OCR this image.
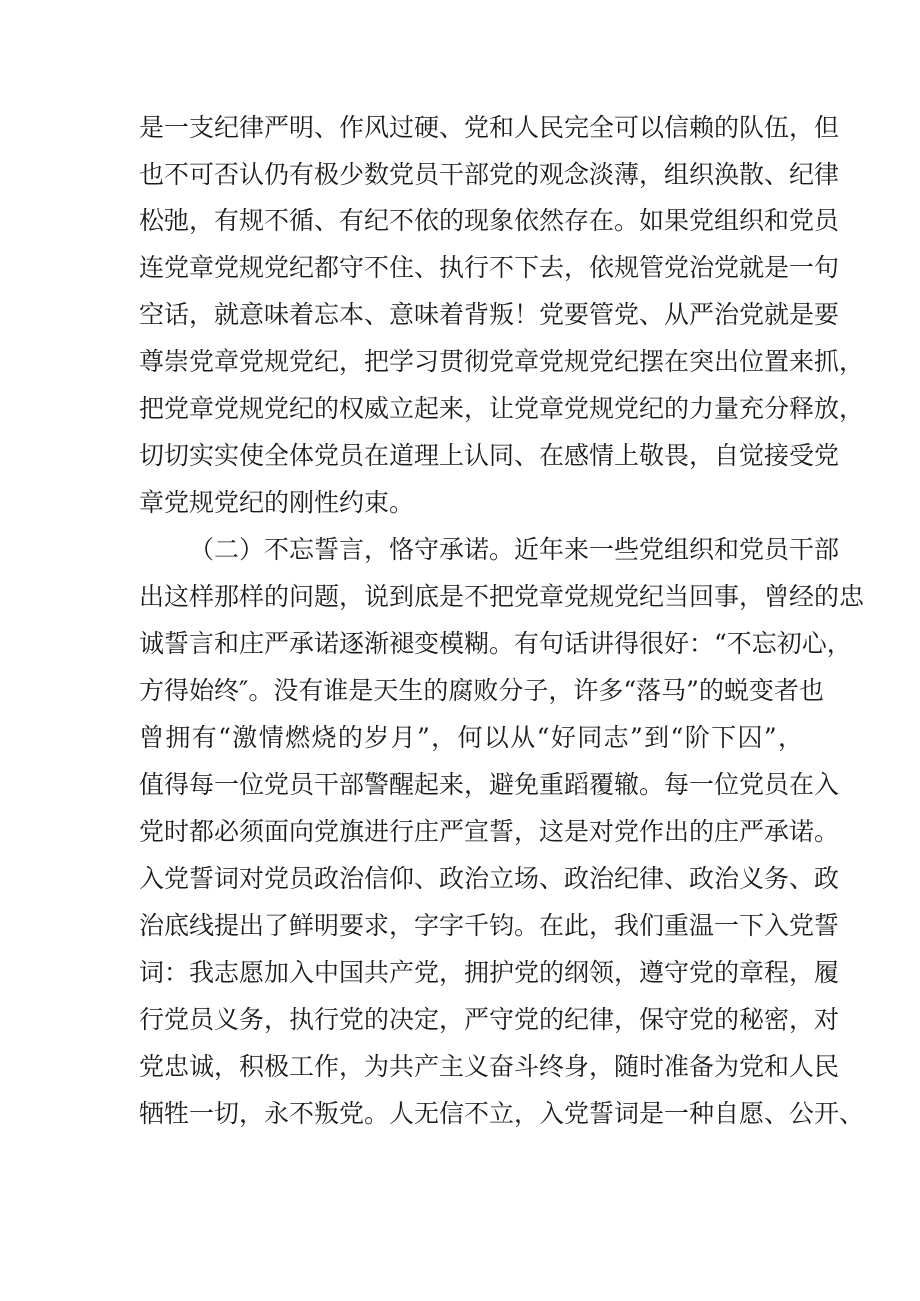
是一支纪律严明、作风过硬、党和人民完全可以信赖的队伍，但
也不可否认仍有极少数党员干部党的观念淡薄，组织涣散、纪律
松弛，有规不循、有纪不依的现象依然存在。如果党组织和党员
连党章党规党纪都守不住、执行不下去，依规管党治党就是一句
空话，就意味着忘本、意味着背叛！党要管党、从严治党就是要
尊崇党章党规党纪，把学习贯彻党章党规党纪摆在突出位置来抓，
把党章党规党纪的权威立起来，让党章党规党纪的力量充分释放，
切切实实使全体党员在道理上认同、在感情上敬畏，自觉接受党
章党规党纪的刚性约束。
（二）不忘誓言，恪守承诺。近年来一些党组织和党员干部
出这样那样的问题，说到底是不把党章党规党纪当回事，曾经的忠
诚誓言和庄严承诺逐渐褪变模糊。有句话讲得很好：“不忘初心，
方得始终″。没有谁是天生的腐败分子，许多“落马”的蜕变者也
曾拥有“激情燃烧的岁月”，何以从“好同志”到“阶下囚”，
值得每一位党员干部警醒起来，避免重蹈覆辙。每一位党员在入
党时都必须面向党旗进行庄严宣誓，这是对党作出的庄严承诺。
入党誓词对党员政治信仰、政治立场、政治纪律、政治义务、政
治底线提出了鲜明要求，字字千钧。在此，我们重温一下入党誓
词：我志愿加入中国共产党，拥护党的纲领，遵守党的章程，履
行党员义务，执行党的决定，严守党的纪律，保守党的秘密，对
党忠诚，积极工作，为共产主义奋斗终身，随时准备为党和人民
牺牲一切，永不叛党。人无信不立，入党誓词是一种自愿、公开、
